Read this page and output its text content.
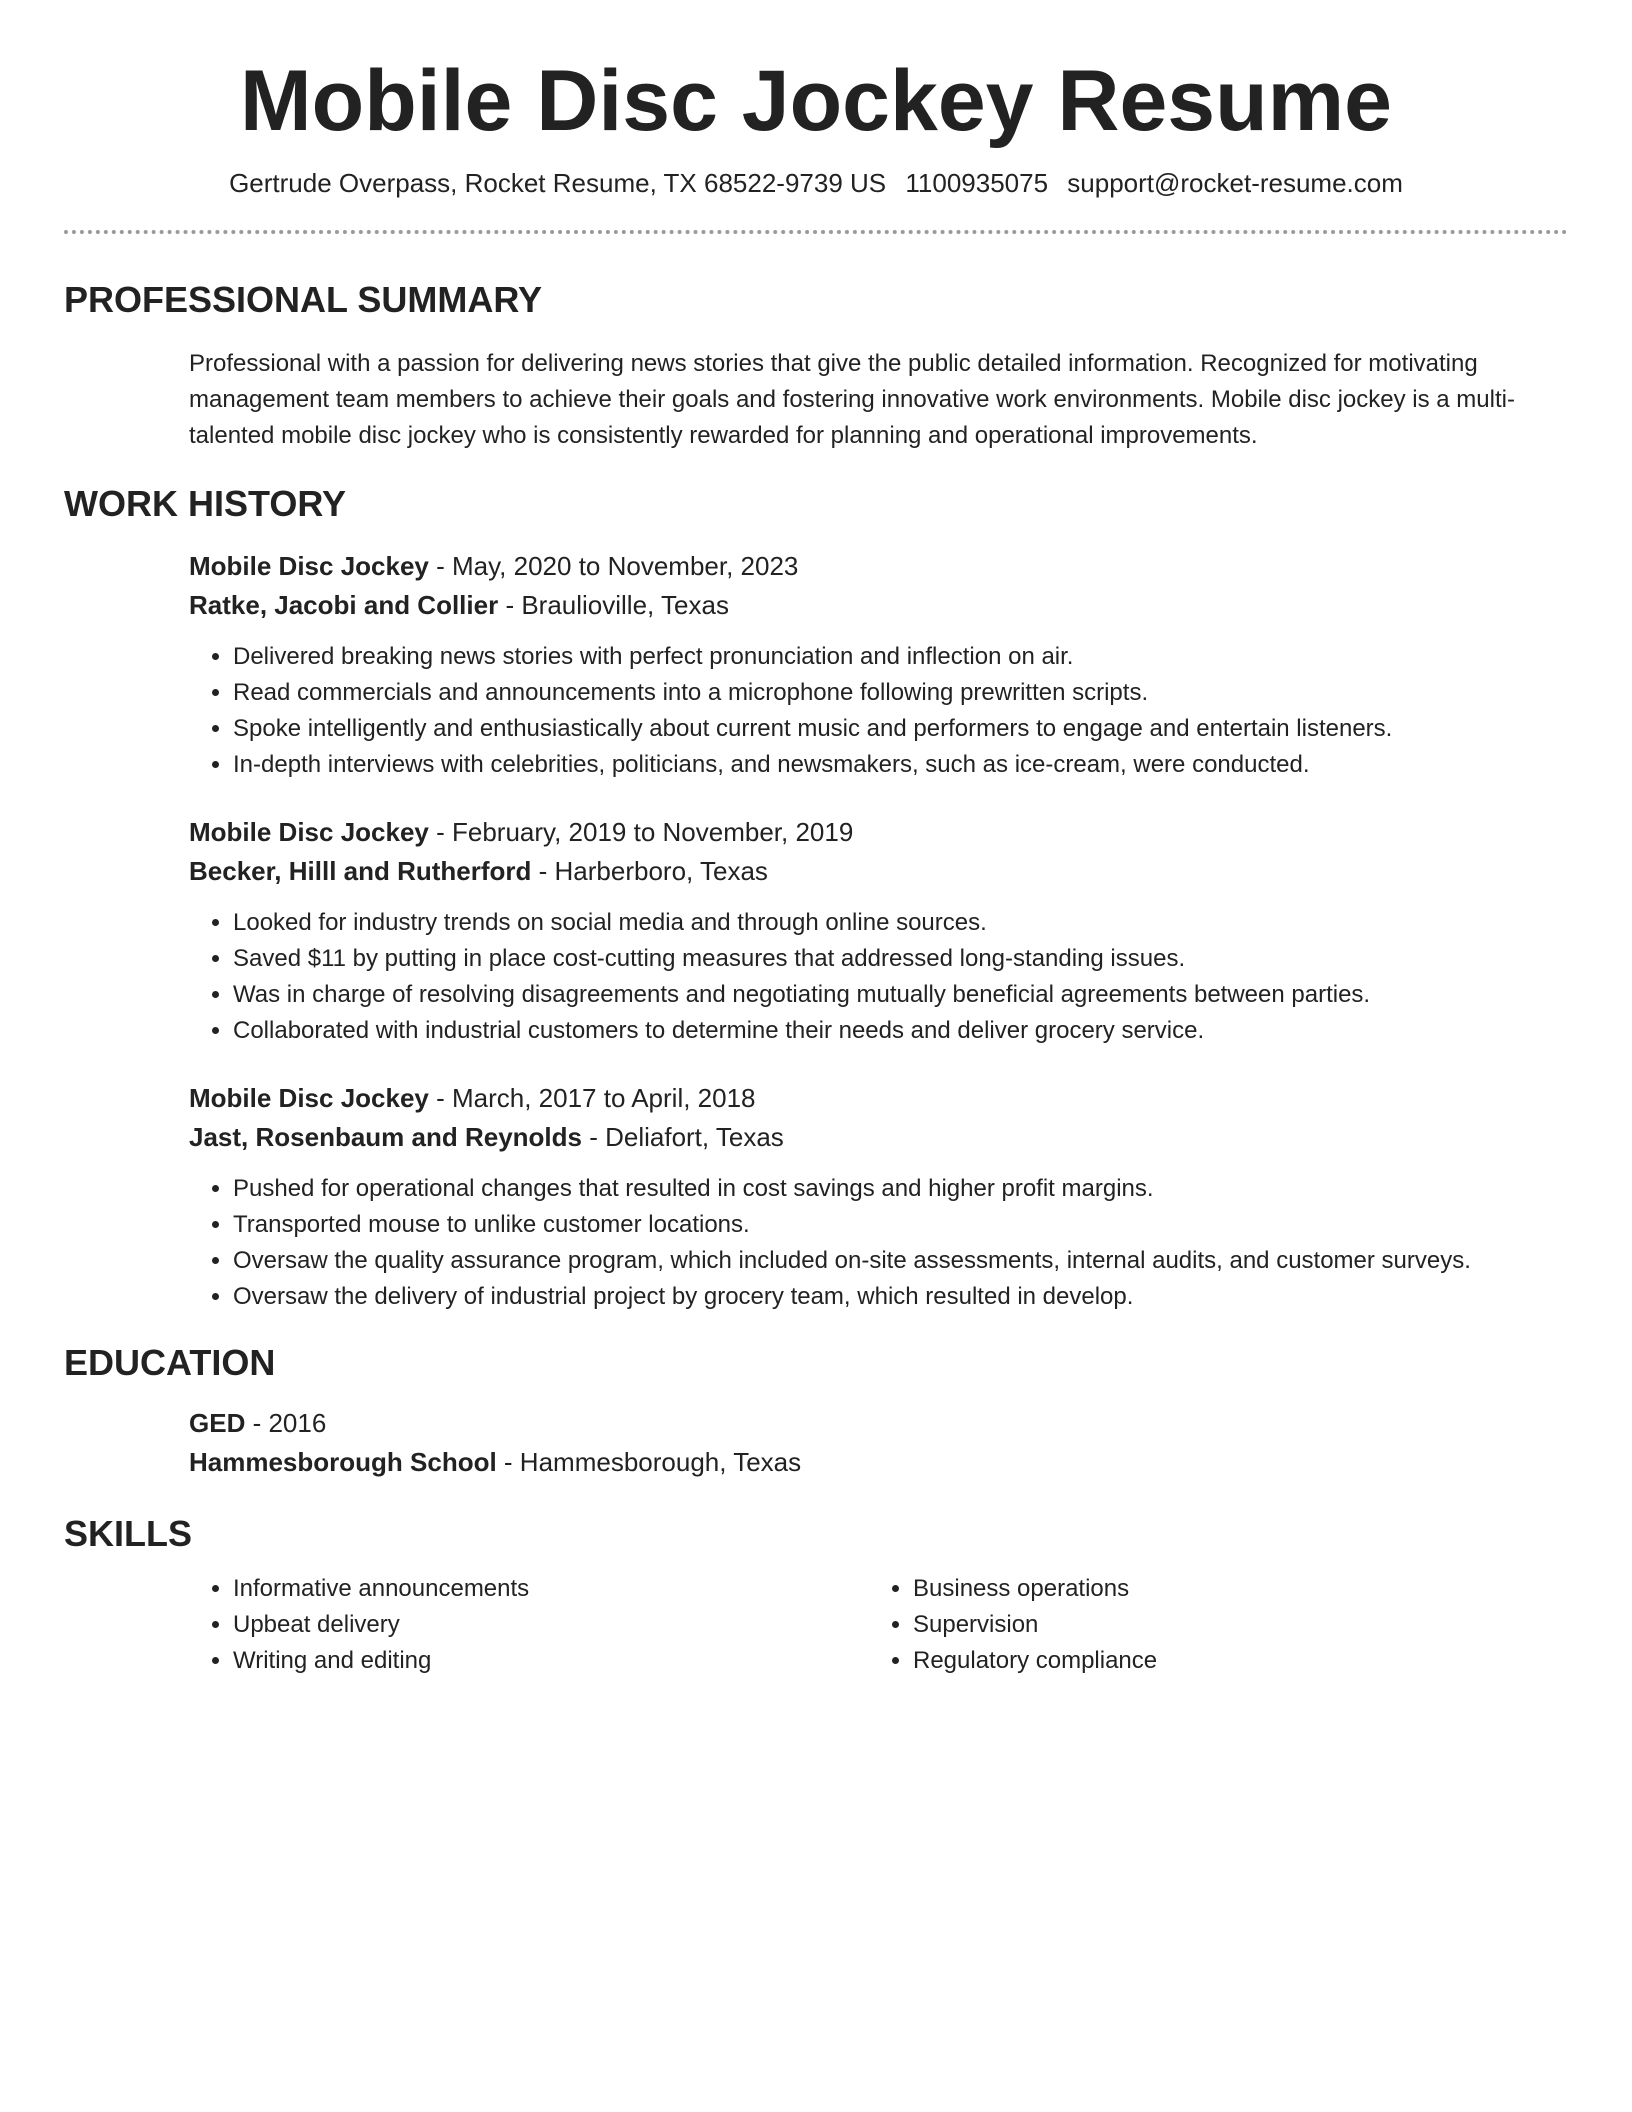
Mobile Disc Jockey Resume
Gertrude Overpass, Rocket Resume, TX 68522-9739 US 1100935075 support@rocket-resume.com
PROFESSIONAL SUMMARY

Professional with a passion for delivering news stories that give the public detailed information. Recognized for motivating management team members to achieve their goals and fostering innovative work environments. Mobile disc jockey is a multi-talented mobile disc jockey who is consistently rewarded for planning and operational improvements.

WORK HISTORY
Mobile Disc Jockey - May, 2020 to November, 2023
Ratke, Jacobi and Collier - Braulioville, Texas
• Delivered breaking news stories with perfect pronunciation and inflection on air.
• Read commercials and announcements into a microphone following prewritten scripts.
• Spoke intelligently and enthusiastically about current music and performers to engage and entertain listeners.
• In-depth interviews with celebrities, politicians, and newsmakers, such as ice-cream, were conducted.
Mobile Disc Jockey - February, 2019 to November, 2019
Becker, Hilll and Rutherford - Harberboro, Texas
• Looked for industry trends on social media and through online sources.
• Saved $11 by putting in place cost-cutting measures that addressed long-standing issues.
• Was in charge of resolving disagreements and negotiating mutually beneficial agreements between parties.
• Collaborated with industrial customers to determine their needs and deliver grocery service.
Mobile Disc Jockey - March, 2017 to April, 2018
Jast, Rosenbaum and Reynolds - Deliafort, Texas
• Pushed for operational changes that resulted in cost savings and higher profit margins.
• Transported mouse to unlike customer locations.
• Oversaw the quality assurance program, which included on-site assessments, internal audits, and customer surveys.
• Oversaw the delivery of industrial project by grocery team, which resulted in develop.
EDUCATION
GED - 2016
Hammesborough School - Hammesborough, Texas
SKILLS
• Informative announcements
• Upbeat delivery
• Writing and editing
• Business operations
• Supervision
• Regulatory compliance
